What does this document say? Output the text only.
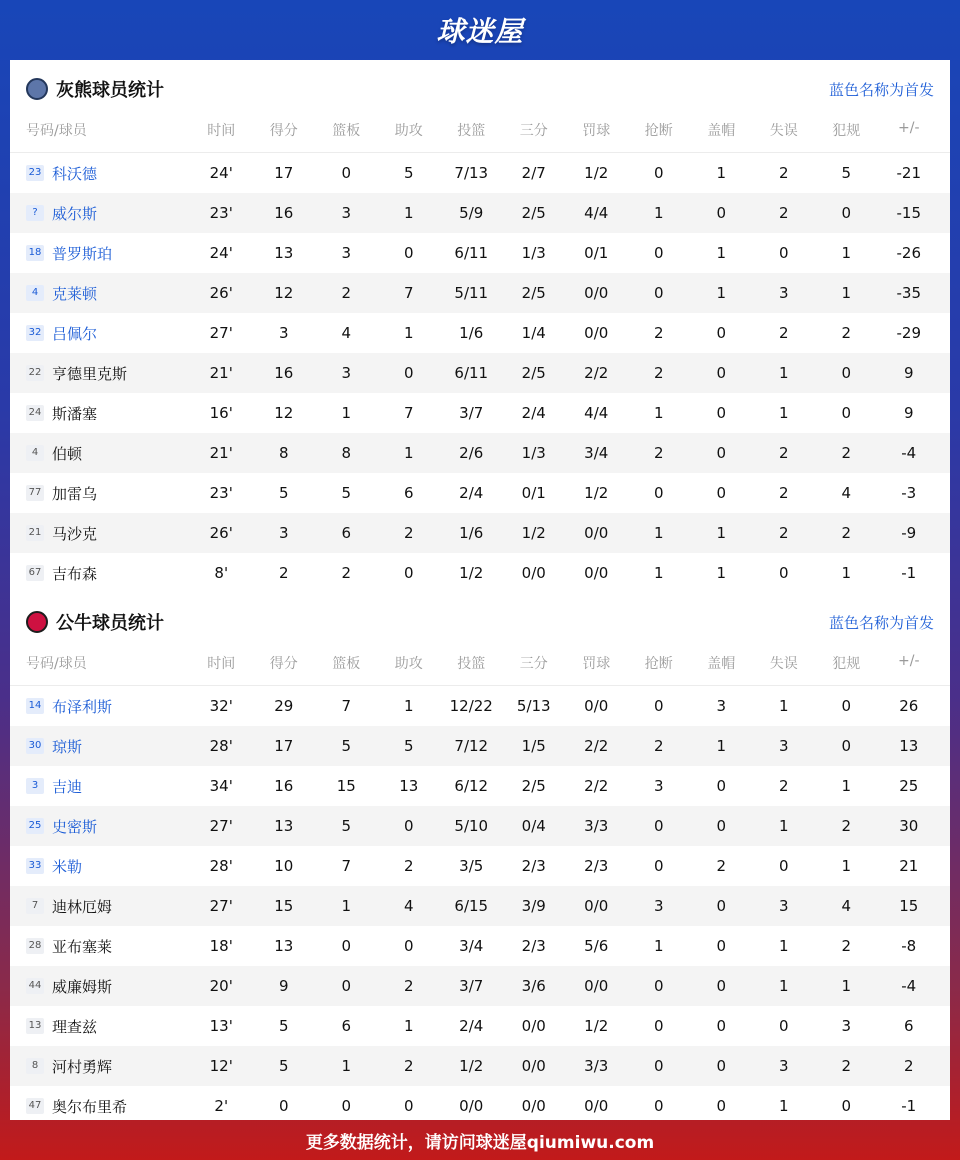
球迷屋
灰熊球员统计	蓝色名称为首发
号码/球员	时间	得分	篮板	助攻	投篮	三分	罚球	抢断	盖帽	失误	犯规	+/-
23 科沃德	24'	17	0	5	7/13	2/7	1/2	0	1	2	5	-21
? 威尔斯	23'	16	3	1	5/9	2/5	4/4	1	0	2	0	-15
18 普罗斯珀	24'	13	3	0	6/11	1/3	0/1	0	1	0	1	-26
4 克莱顿	26'	12	2	7	5/11	2/5	0/0	0	1	3	1	-35
32 吕佩尔	27'	3	4	1	1/6	1/4	0/0	2	0	2	2	-29
22 亨德里克斯	21'	16	3	0	6/11	2/5	2/2	2	0	1	0	9
24 斯潘塞	16'	12	1	7	3/7	2/4	4/4	1	0	1	0	9
4 伯顿	21'	8	8	1	2/6	1/3	3/4	2	0	2	2	-4
77 加雷乌	23'	5	5	6	2/4	0/1	1/2	0	0	2	4	-3
21 马沙克	26'	3	6	2	1/6	1/2	0/0	1	1	2	2	-9
67 吉布森	8'	2	2	0	1/2	0/0	0/0	1	1	0	1	-1
公牛球员统计	蓝色名称为首发
号码/球员	时间	得分	篮板	助攻	投篮	三分	罚球	抢断	盖帽	失误	犯规	+/-
14 布泽利斯	32'	29	7	1	12/22	5/13	0/0	0	3	1	0	26
30 琼斯	28'	17	5	5	7/12	1/5	2/2	2	1	3	0	13
3 吉迪	34'	16	15	13	6/12	2/5	2/2	3	0	2	1	25
25 史密斯	27'	13	5	0	5/10	0/4	3/3	0	0	1	2	30
33 米勒	28'	10	7	2	3/5	2/3	2/3	0	2	0	1	21
7 迪林厄姆	27'	15	1	4	6/15	3/9	0/0	3	0	3	4	15
28 亚布塞莱	18'	13	0	0	3/4	2/3	5/6	1	0	1	2	-8
44 威廉姆斯	20'	9	0	2	3/7	3/6	0/0	0	0	1	1	-4
13 理查兹	13'	5	6	1	2/4	0/0	1/2	0	0	0	3	6
8 河村勇辉	12'	5	1	2	1/2	0/0	3/3	0	0	3	2	2
47 奥尔布里希	2'	0	0	0	0/0	0/0	0/0	0	0	1	0	-1
更多数据统计，请访问球迷屋qiumiwu.com
